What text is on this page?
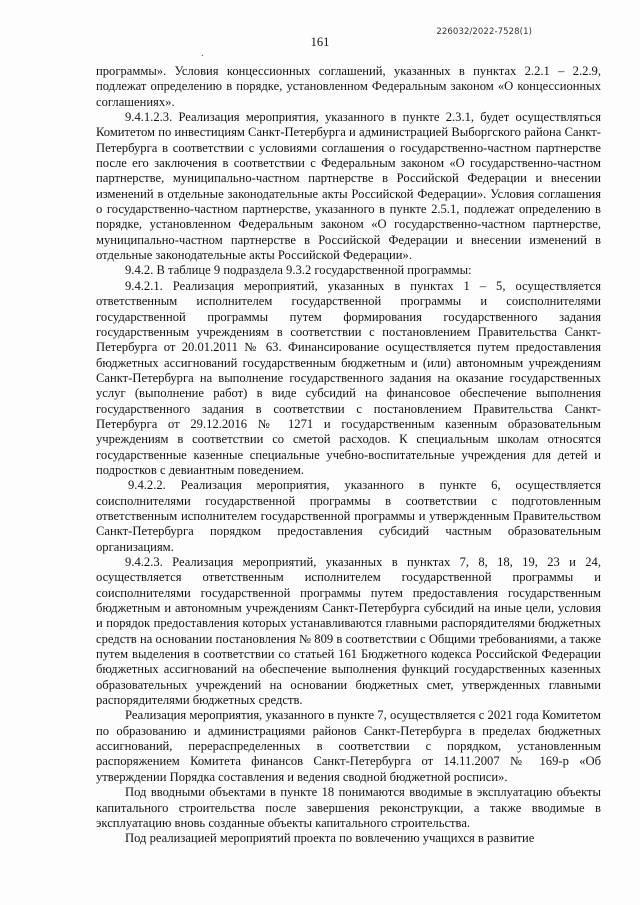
226032/2022-7528(1)
161
.

программы». Условия концессионных соглашений, указанных в пунктах 2.2.1 – 2.2.9, подлежат определению в порядке, установленном Федеральным законом «О концессионных соглашениях».

9.4.1.2.3. Реализация мероприятия, указанного в пункте 2.3.1, будет осуществляться Комитетом по инвестициям Санкт-Петербурга и администрацией Выборгского района Санкт-Петербурга в соответствии с условиями соглашения о государственно-частном партнерстве после его заключения в соответствии с Федеральным законом «О государственно-частном партнерстве, муниципально-частном партнерстве в Российской Федерации и внесении изменений в отдельные законодательные акты Российской Федерации». Условия соглашения о государственно-частном партнерстве, указанного в пункте 2.5.1, подлежат определению в порядке, установленном Федеральным законом «О государственно-частном партнерстве, муниципально-частном партнерстве в Российской Федерации и внесении изменений в отдельные законодательные акты Российской Федерации».

9.4.2. В таблице 9 подраздела 9.3.2 государственной программы:

9.4.2.1. Реализация мероприятий, указанных в пунктах 1 – 5, осуществляется ответственным исполнителем государственной программы и соисполнителями государственной программы путем формирования государственного задания государственным учреждениям в соответствии с постановлением Правительства Санкт-Петербурга от 20.01.2011 № 63. Финансирование осуществляется путем предоставления бюджетных ассигнований государственным бюджетным и (или) автономным учреждениям Санкт-Петербурга на выполнение государственного задания на оказание государственных услуг (выполнение работ) в виде субсидий на финансовое обеспечение выполнения государственного задания в соответствии с постановлением Правительства Санкт-Петербурга от 29.12.2016 № 1271 и государственным казенным образовательным учреждениям в соответствии со сметой расходов. К специальным школам относятся государственные казенные специальные учебно-воспитательные учреждения для детей и подростков с девиантным поведением.

9.4.2.2. Реализация мероприятия, указанного в пункте 6, осуществляется соисполнителями государственной программы в соответствии с подготовленным ответственным исполнителем государственной программы и утвержденным Правительством Санкт-Петербурга порядком предоставления субсидий частным образовательным организациям.

9.4.2.3. Реализация мероприятий, указанных в пунктах 7, 8, 18, 19, 23 и 24, осуществляется ответственным исполнителем государственной программы и соисполнителями государственной программы путем предоставления государственным бюджетным и автономным учреждениям Санкт-Петербурга субсидий на иные цели, условия и порядок предоставления которых устанавливаются главными распорядителями бюджетных средств на основании постановления № 809 в соответствии с Общими требованиями, а также путем выделения в соответствии со статьей 161 Бюджетного кодекса Российской Федерации бюджетных ассигнований на обеспечение выполнения функций государственных казенных образовательных учреждений на основании бюджетных смет, утвержденных главными распорядителями бюджетных средств.

Реализация мероприятия, указанного в пункте 7, осуществляется с 2021 года Комитетом по образованию и администрациями районов Санкт-Петербурга в пределах бюджетных ассигнований, перераспределенных в соответствии с порядком, установленным распоряжением Комитета финансов Санкт-Петербурга от 14.11.2007 № 169-р «Об утверждении Порядка составления и ведения сводной бюджетной росписи».

Под вводными объектами в пункте 18 понимаются вводимые в эксплуатацию объекты капитального строительства после завершения реконструкции, а также вводимые в эксплуатацию вновь созданные объекты капитального строительства.

Под реализацией мероприятий проекта по вовлечению учащихся в развитие
